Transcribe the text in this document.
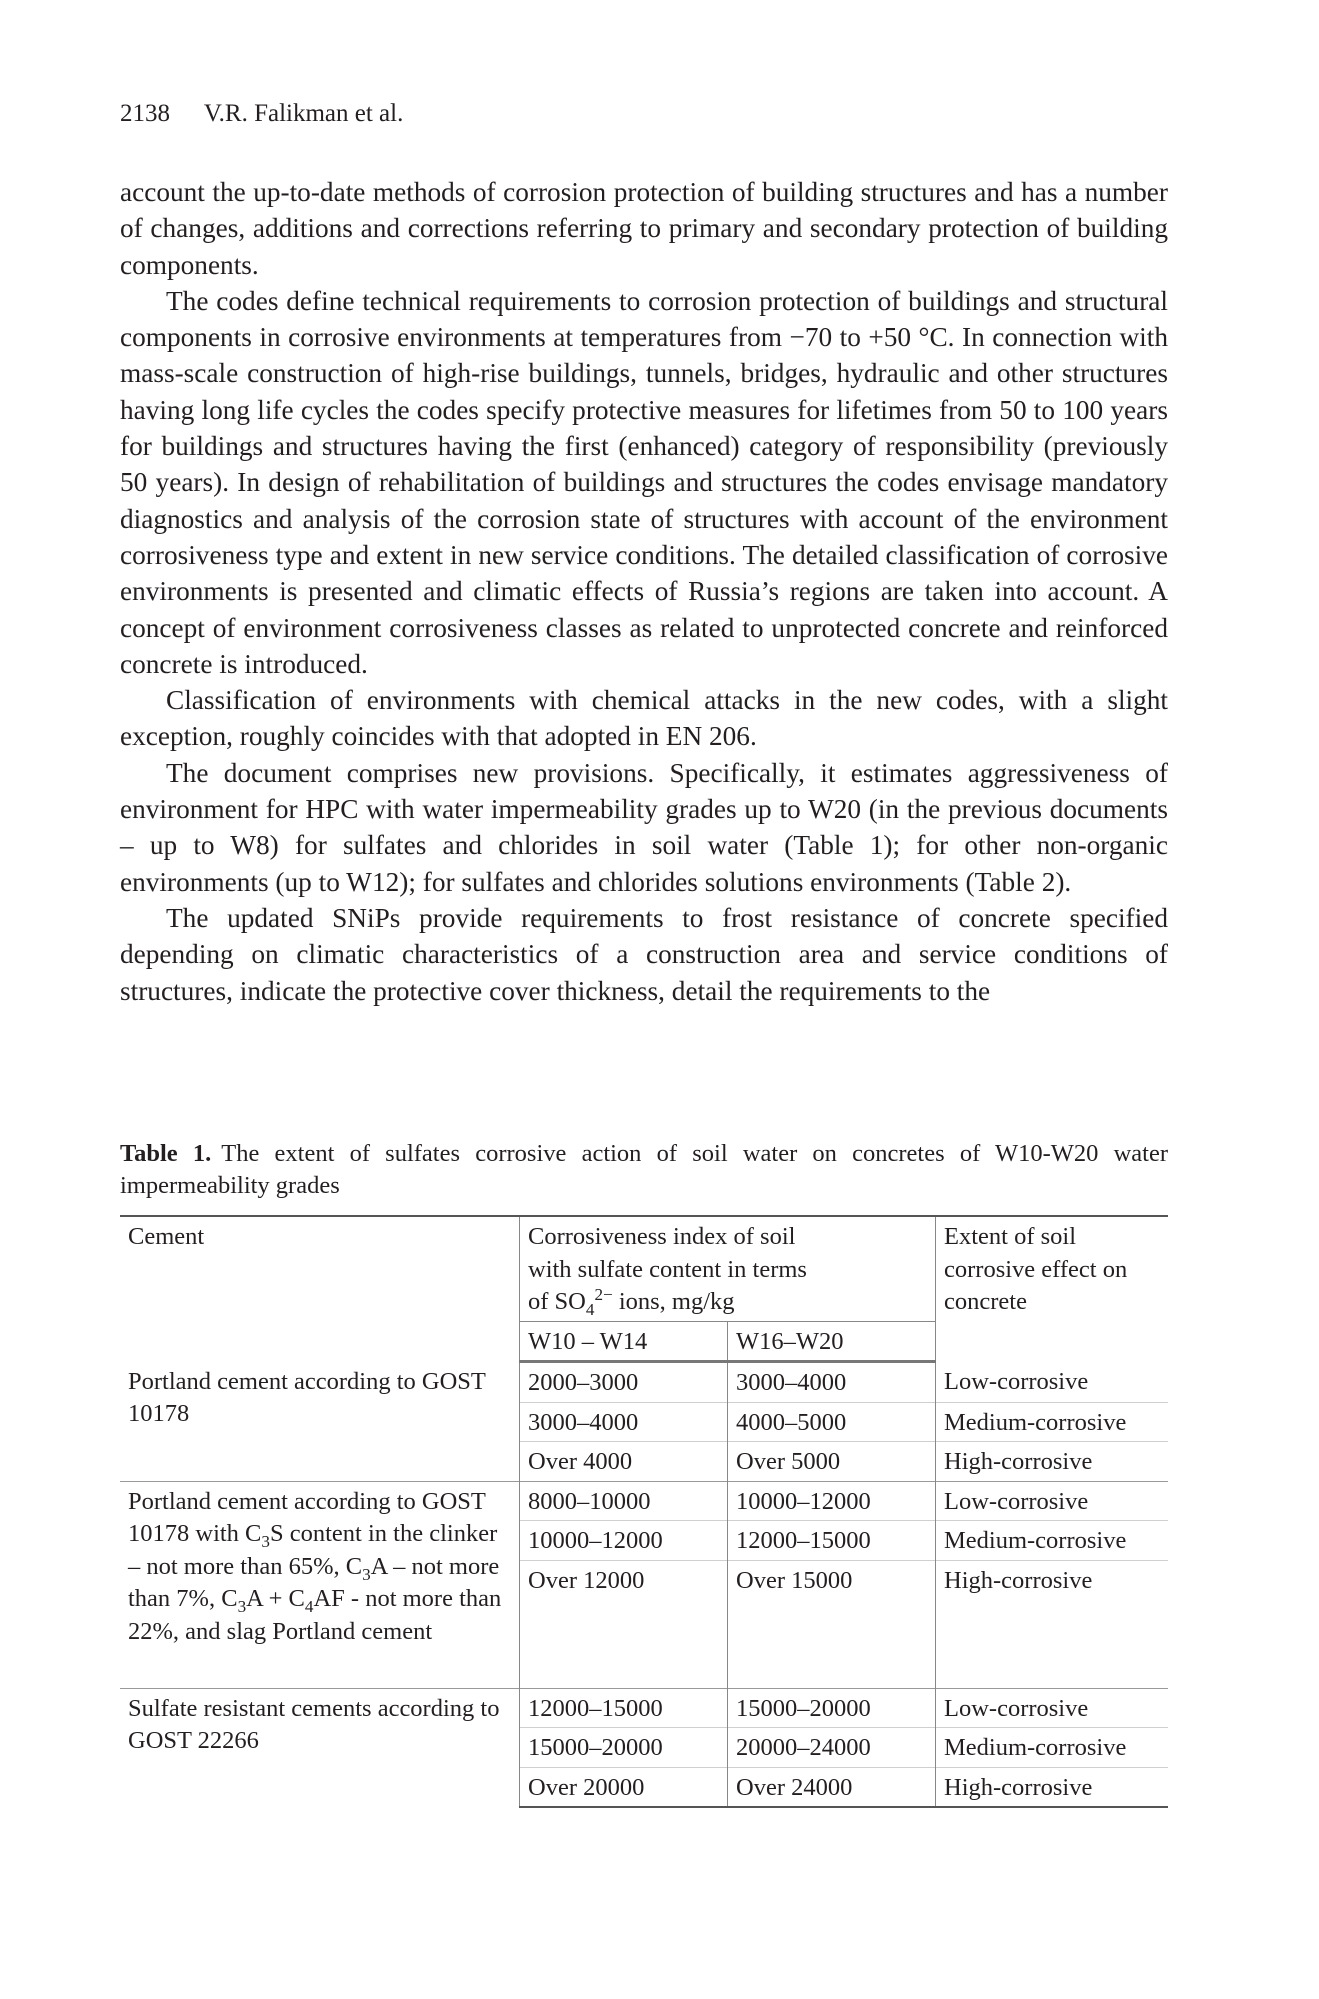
2138 V.R. Falikman et al.

account the up-to-date methods of corrosion protection of building structures and has a number of changes, additions and corrections referring to primary and secondary protection of building components.

The codes define technical requirements to corrosion protection of buildings and structural components in corrosive environments at temperatures from −70 to +50 °C. In connection with mass-scale construction of high-rise buildings, tunnels, bridges, hydraulic and other structures having long life cycles the codes specify protective measures for lifetimes from 50 to 100 years for buildings and structures having the first (enhanced) category of responsibility (previously 50 years). In design of rehabilitation of buildings and structures the codes envisage mandatory diagnostics and analysis of the corrosion state of structures with account of the environment corrosiveness type and extent in new service conditions. The detailed classification of corrosive environments is presented and climatic effects of Russia’s regions are taken into account. A concept of environment corrosiveness classes as related to unprotected concrete and reinforced concrete is introduced.

Classification of environments with chemical attacks in the new codes, with a slight exception, roughly coincides with that adopted in EN 206.

The document comprises new provisions. Specifically, it estimates aggressiveness of environment for HPC with water impermeability grades up to W20 (in the previous documents – up to W8) for sulfates and chlorides in soil water (Table 1); for other non-organic environments (up to W12); for sulfates and chlorides solutions environments (Table 2).

The updated SNiPs provide requirements to frost resistance of concrete specified depending on climatic characteristics of a construction area and service conditions of structures, indicate the protective cover thickness, detail the requirements to the

Table 1. The extent of sulfates corrosive action of soil water on concretes of W10-W20 water impermeability grades
Cement	Corrosiveness index of soil
with sulfate content in terms
of $SO_4^{2-}$ ions, mg/kg		Extent of soil corrosive effect on concrete
	W10 – W14	W16–W20	
Portland cement according to GOST 10178	2000–3000	3000–4000	Low-corrosive
	3000–4000	4000–5000	Medium-corrosive
	Over 4000	Over 5000	High-corrosive
Portland cement according to GOST 10178 with $C_3S$ content in the clinker – not more than 65%, $C_3A$ – not more than 7%, $C_3A + C_4AF$ - not more than 22%, and slag Portland cement	8000–10000	10000–12000	Low-corrosive
	10000–12000	12000–15000	Medium-corrosive
	Over 12000	Over 15000	High-corrosive
Sulfate resistant cements according to GOST 22266	12000–15000	15000–20000	Low-corrosive
	15000–20000	20000–24000	Medium-corrosive
	Over 20000	Over 24000	High-corrosive
